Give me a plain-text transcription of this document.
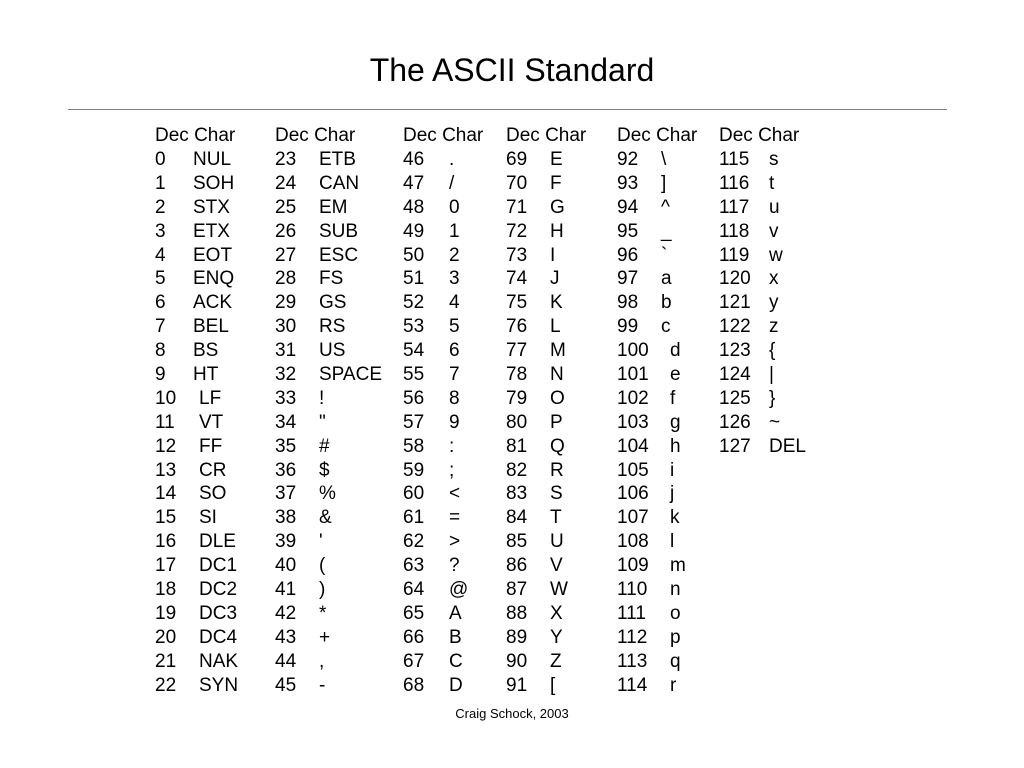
The ASCII Standard
Dec Char
0 NUL
1 SOH
2 STX
3 ETX
4 EOT
5 ENQ
6 ACK
7 BEL
8 BS
9 HT
10 LF
11 VT
12 FF
13 CR
14 SO
15 SI
16 DLE
17 DC1
18 DC2
19 DC3
20 DC4
21 NAK
22 SYN
Dec Char
23 ETB
24 CAN
25 EM
26 SUB
27 ESC
28 FS
29 GS
30 RS
31 US
32 SPACE
33 !
34 "
35 #
36 $
37 %
38 &
39 '
40 (
41 )
42 *
43 +
44 ,
45 -
Dec Char
46 .
47 /
48 0
49 1
50 2
51 3
52 4
53 5
54 6
55 7
56 8
57 9
58 :
59 ;
60 <
61 =
62 >
63 ?
64 @
65 A
66 B
67 C
68 D
Dec Char
69 E
70 F
71 G
72 H
73 I
74 J
75 K
76 L
77 M
78 N
79 O
80 P
81 Q
82 R
83 S
84 T
85 U
86 V
87 W
88 X
89 Y
90 Z
91 [
Dec Char
92 \
93 ]
94 ^
95 _
96 `
97 a
98 b
99 c
100 d
101 e
102 f
103 g
104 h
105 i
106 j
107 k
108 l
109 m
110 n
111 o
112 p
113 q
114 r
Dec Char
115 s
116 t
117 u
118 v
119 w
120 x
121 y
122 z
123 {
124 |
125 }
126 ~
127 DEL
Craig Schock, 2003
